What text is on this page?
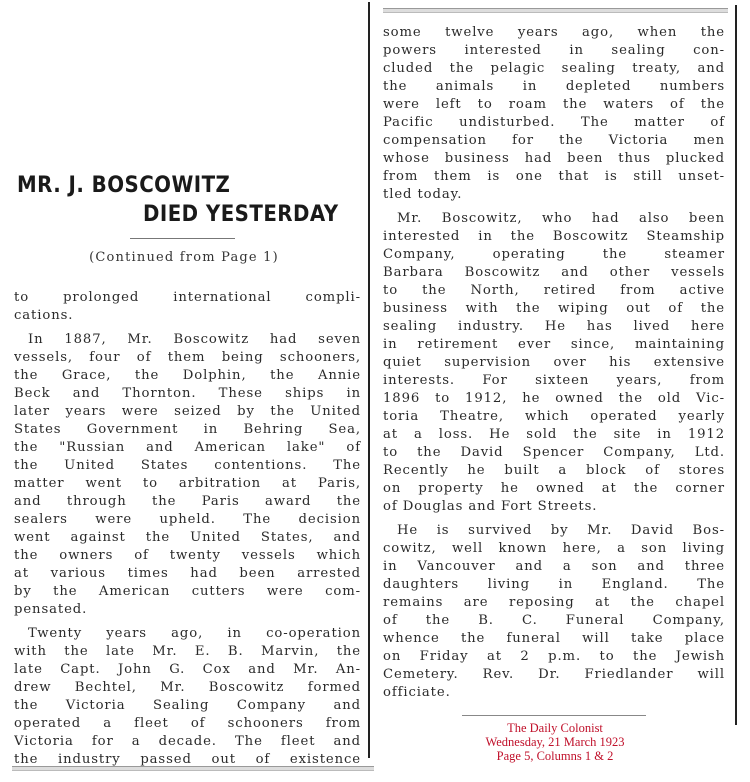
MR. J. BOSCOWITZ
DIED YESTERDAY
(Continued from Page 1)
to prolonged international compli-
cations.
In 1887, Mr. Boscowitz had seven
vessels, four of them being schooners,
the Grace, the Dolphin, the Annie
Beck and Thornton. These ships in
later years were seized by the United
States Government in Behring Sea,
the "Russian and American lake" of
the United States contentions. The
matter went to arbitration at Paris,
and through the Paris award the
sealers were upheld. The decision
went against the United States, and
the owners of twenty vessels which
at various times had been arrested
by the American cutters were com-
pensated.
Twenty years ago, in co-operation
with the late Mr. E. B. Marvin, the
late Capt. John G. Cox and Mr. An-
drew Bechtel, Mr. Boscowitz formed
the Victoria Sealing Company and
operated a fleet of schooners from
Victoria for a decade. The fleet and
the industry passed out of existence
some twelve years ago, when the
powers interested in sealing con-
cluded the pelagic sealing treaty, and
the animals in depleted numbers
were left to roam the waters of the
Pacific undisturbed. The matter of
compensation for the Victoria men
whose business had been thus plucked
from them is one that is still unset-
tled today.
Mr. Boscowitz, who had also been
interested in the Boscowitz Steamship
Company, operating the steamer
Barbara Boscowitz and other vessels
to the North, retired from active
business with the wiping out of the
sealing industry. He has lived here
in retirement ever since, maintaining
quiet supervision over his extensive
interests. For sixteen years, from
1896 to 1912, he owned the old Vic-
toria Theatre, which operated yearly
at a loss. He sold the site in 1912
to the David Spencer Company, Ltd.
Recently he built a block of stores
on property he owned at the corner
of Douglas and Fort Streets.
He is survived by Mr. David Bos-
cowitz, well known here, a son living
in Vancouver and a son and three
daughters living in England. The
remains are reposing at the chapel
of the B. C. Funeral Company,
whence the funeral will take place
on Friday at 2 p.m. to the Jewish
Cemetery. Rev. Dr. Friedlander will
officiate.
The Daily Colonist
Wednesday, 21 March 1923
Page 5, Columns 1 & 2
